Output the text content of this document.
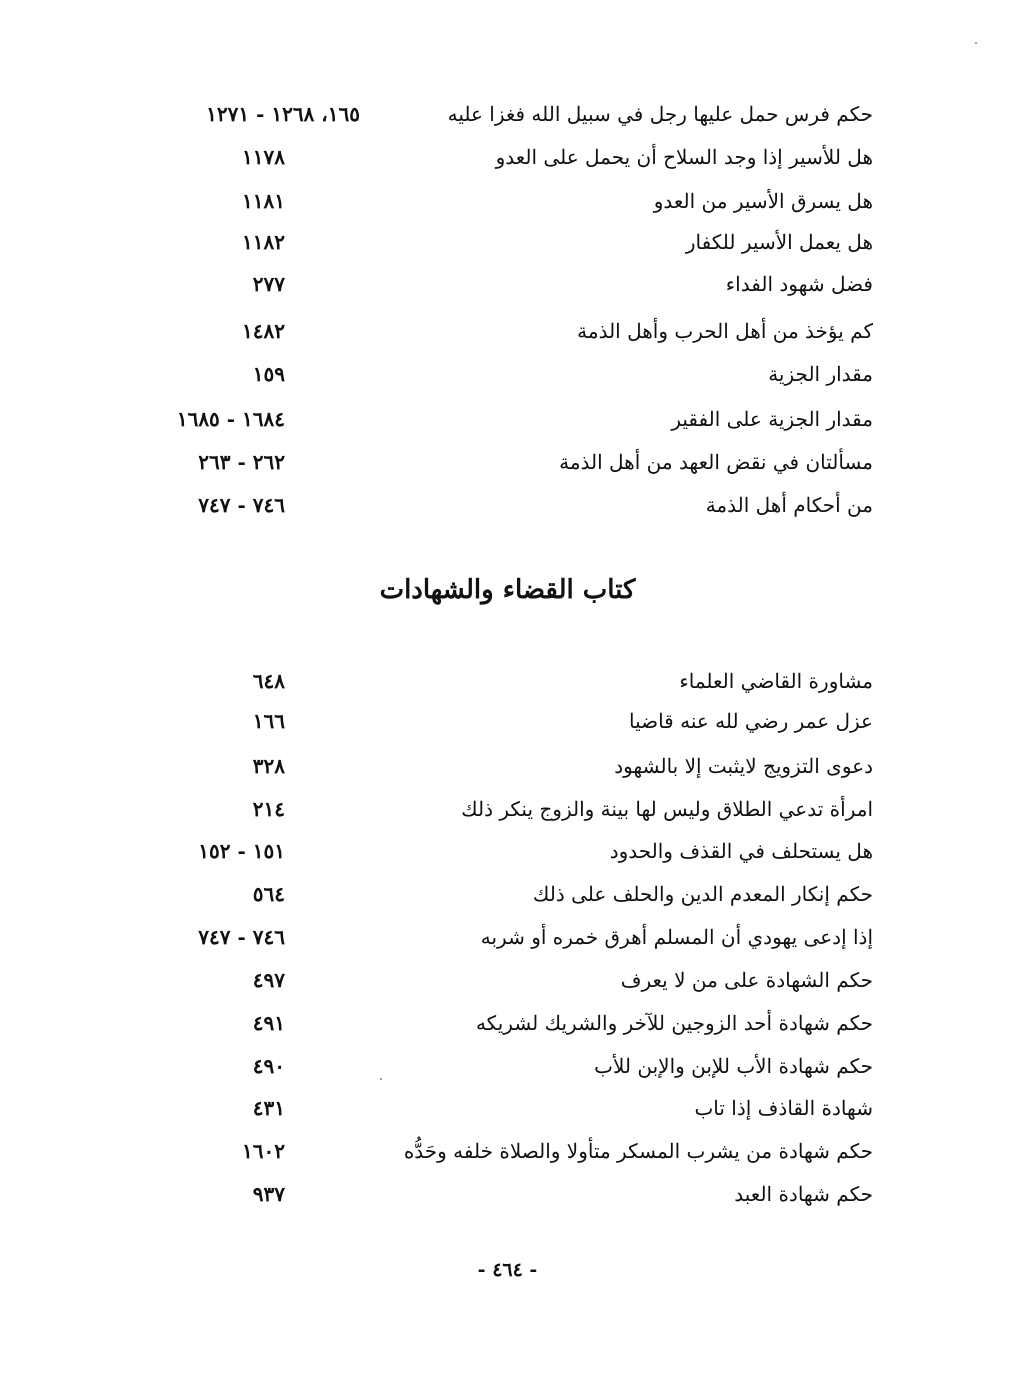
حكم فرس حمل عليها رجل في سبيل الله فغزا عليه
١٦٥، ١٢٦٨ - ١٢٧١
هل للأسير إذا وجد السلاح أن يحمل على العدو
١١٧٨
هل يسرق الأسير من العدو
١١٨١
هل يعمل الأسير للكفار
١١٨٢
فضل شهود الفداء
٢٧٧
كم يؤخذ من أهل الحرب وأهل الذمة
١٤٨٢
مقدار الجزية
١٥٩
مقدار الجزية على الفقير
١٦٨٤ - ١٦٨٥
مسألتان في نقض العهد من أهل الذمة
٢٦٢ - ٢٦٣
من أحكام أهل الذمة
٧٤٦ - ٧٤٧
كتاب القضاء والشهادات
مشاورة القاضي العلماء
٦٤٨
عزل عمر رضي لله عنه قاضيا
١٦٦
دعوى التزويج لايثبت إلا بالشهود
٣٢٨
امرأة تدعي الطلاق وليس لها بينة والزوج ينكر ذلك
٢١٤
هل يستحلف في القذف والحدود
١٥١ - ١٥٢
حكم إنكار المعدم الدين والحلف على ذلك
٥٦٤
إذا إدعى يهودي أن المسلم أهرق خمره أو شربه
٧٤٦ - ٧٤٧
حكم الشهادة على من لا يعرف
٤٩٧
حكم شهادة أحد الزوجين للآخر والشريك لشريكه
٤٩١
حكم شهادة الأب للإبن والإبن للأب
٤٩٠
شهادة القاذف إذا تاب
٤٣١
حكم شهادة من يشرب المسكر متأولا والصلاة خلفه وحَدُّه
١٦٠٢
حكم شهادة العبد
٩٣٧
- ٤٦٤ -
